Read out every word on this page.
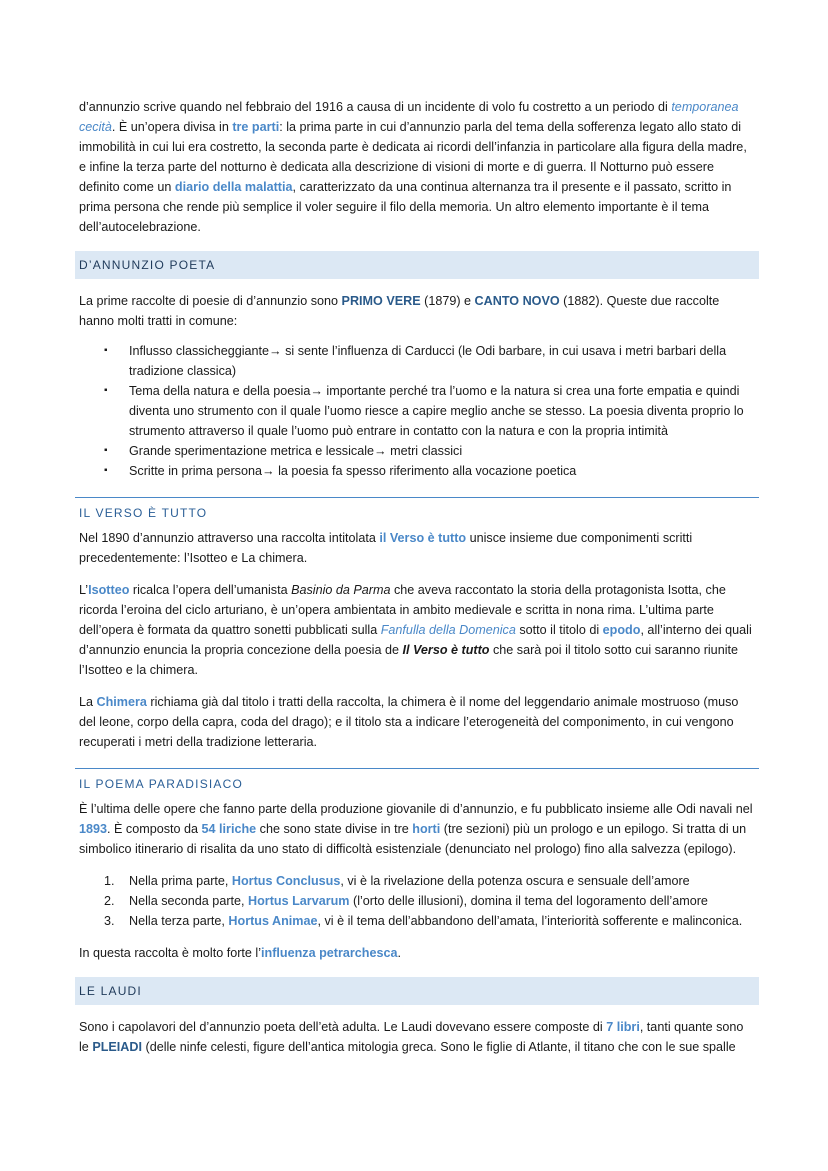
d’annunzio scrive quando nel febbraio del 1916 a causa di un incidente di volo fu costretto a un periodo di temporanea cecità. È un’opera divisa in tre parti: la prima parte in cui d’annunzio parla del tema della sofferenza legato allo stato di immobilità in cui lui era costretto, la seconda parte è dedicata ai ricordi dell’infanzia in particolare alla figura della madre, e infine la terza parte del notturno è dedicata alla descrizione di visioni di morte e di guerra. Il Notturno può essere definito come un diario della malattia, caratterizzato da una continua alternanza tra il presente e il passato, scritto in prima persona che rende più semplice il voler seguire il filo della memoria. Un altro elemento importante è il tema dell’autocelebrazione.

D’ANNUNZIO POETA

La prime raccolte di poesie di d’annunzio sono PRIMO VERE (1879) e CANTO NOVO (1882). Queste due raccolte hanno molti tratti in comune:

▪ Influsso classicheggiante→ si sente l’influenza di Carducci (le Odi barbare, in cui usava i metri barbari della tradizione classica)
▪ Tema della natura e della poesia→ importante perché tra l’uomo e la natura si crea una forte empatia e quindi diventa uno strumento con il quale l’uomo riesce a capire meglio anche se stesso. La poesia diventa proprio lo strumento attraverso il quale l’uomo può entrare in contatto con la natura e con la propria intimità
▪ Grande sperimentazione metrica e lessicale→ metri classici
▪ Scritte in prima persona→ la poesia fa spesso riferimento alla vocazione poetica
IL VERSO È TUTTO

Nel 1890 d’annunzio attraverso una raccolta intitolata il Verso è tutto unisce insieme due componimenti scritti precedentemente: l’Isotteo e La chimera.

L’Isotteo ricalca l’opera dell’umanista Basinio da Parma che aveva raccontato la storia della protagonista Isotta, che ricorda l’eroina del ciclo arturiano, è un’opera ambientata in ambito medievale e scritta in nona rima. L’ultima parte dell’opera è formata da quattro sonetti pubblicati sulla Fanfulla della Domenica sotto il titolo di epodo, all’interno dei quali d’annunzio enuncia la propria concezione della poesia de Il Verso è tutto che sarà poi il titolo sotto cui saranno riunite l’Isotteo e la chimera.

La Chimera richiama già dal titolo i tratti della raccolta, la chimera è il nome del leggendario animale mostruoso (muso del leone, corpo della capra, coda del drago); e il titolo sta a indicare l’eterogeneità del componimento, in cui vengono recuperati i metri della tradizione letteraria.

IL POEMA PARADISIACO

È l’ultima delle opere che fanno parte della produzione giovanile di d’annunzio, e fu pubblicato insieme alle Odi navali nel 1893. È composto da 54 liriche che sono state divise in tre horti (tre sezioni) più un prologo e un epilogo. Si tratta di un simbolico itinerario di risalita da uno stato di difficoltà esistenziale (denunciato nel prologo) fino alla salvezza (epilogo).

1. Nella prima parte, Hortus Conclusus, vi è la rivelazione della potenza oscura e sensuale dell’amore
2. Nella seconda parte, Hortus Larvarum (l’orto delle illusioni), domina il tema del logoramento dell’amore
3. Nella terza parte, Hortus Animae, vi è il tema dell’abbandono dell’amata, l’interiorità sofferente e malinconica.

In questa raccolta è molto forte l’influenza petrarchesca.

LE LAUDI

Sono i capolavori del d’annunzio poeta dell’età adulta. Le Laudi dovevano essere composte di 7 libri, tanti quante sono le PLEIADI (delle ninfe celesti, figure dell’antica mitologia greca. Sono le figlie di Atlante, il titano che con le sue spalle
